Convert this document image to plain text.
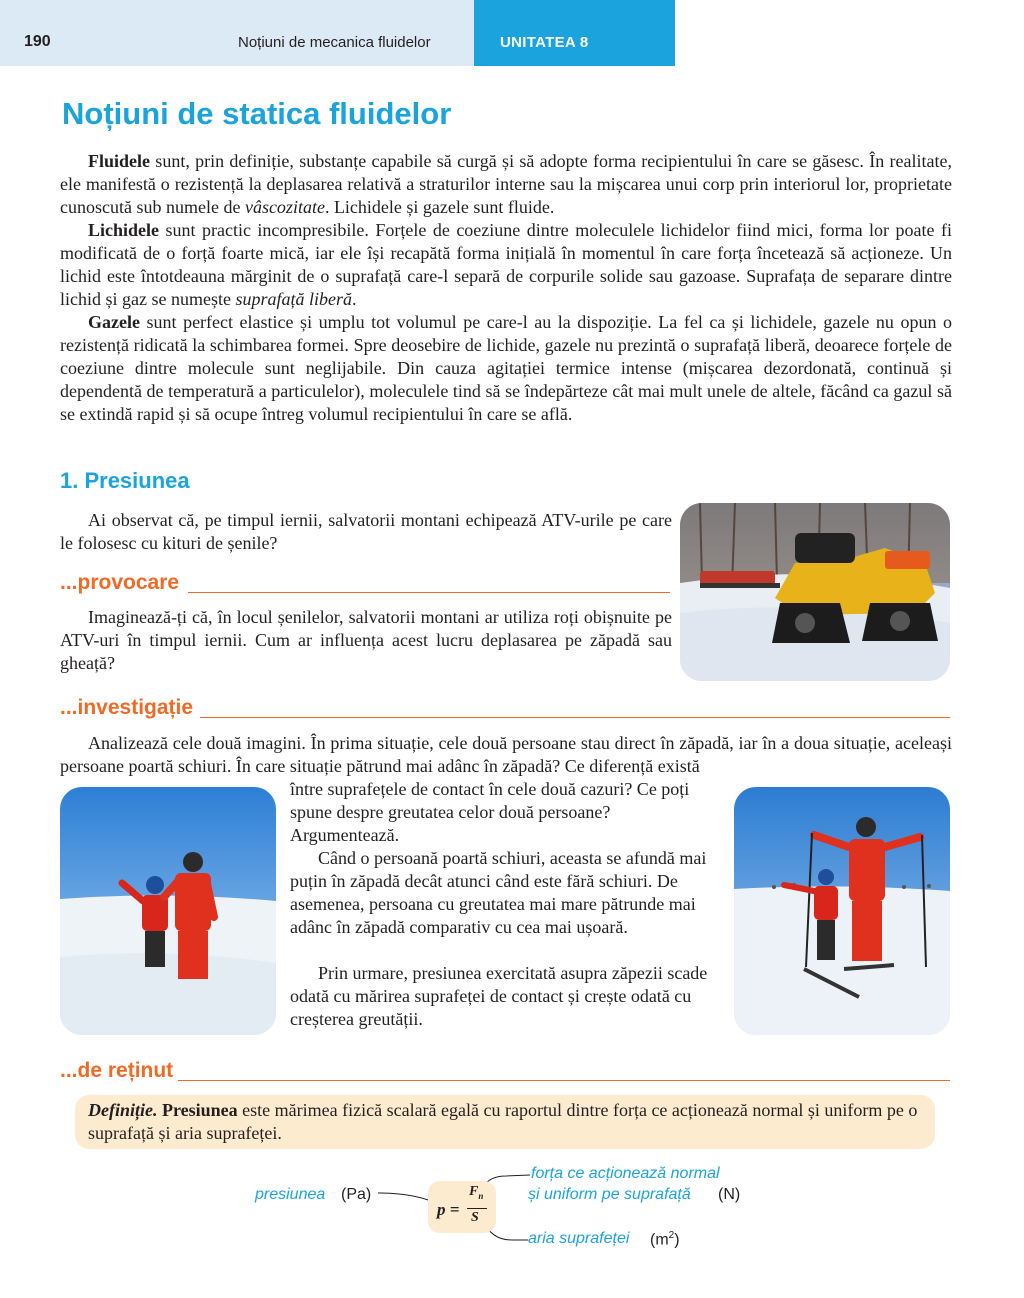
190	Noțiuni de mecanica fluidelor	UNITATEA 8
Noțiuni de statica fluidelor

Fluidele sunt, prin definiție, substanțe capabile să curgă și să adopte forma recipientului în care se găsesc. În realitate, ele manifestă o rezistență la deplasarea relativă a straturilor interne sau la mișcarea unui corp prin interiorul lor, proprietate cunoscută sub numele de vâscozitate. Lichidele și gazele sunt fluide.

Lichidele sunt practic incompresibile. Forțele de coeziune dintre moleculele lichidelor fiind mici, forma lor poate fi modificată de o forță foarte mică, iar ele își recapătă forma inițială în momentul în care forța încetează să acționeze. Un lichid este întotdeauna mărginit de o suprafață care-l separă de corpurile solide sau gazoase. Suprafața de separare dintre lichid și gaz se numește suprafață liberă.

Gazele sunt perfect elastice și umplu tot volumul pe care-l au la dispoziție. La fel ca și lichidele, gazele nu opun o rezistență ridicată la schimbarea formei. Spre deosebire de lichide, gazele nu prezintă o suprafață liberă, deoarece forțele de coeziune dintre molecule sunt neglijabile. Din cauza agitației termice intense (mișcarea dezordonată, continuă și dependentă de temperatură a particulelor), moleculele tind să se îndepărteze cât mai mult unele de altele, făcând ca gazul să se extindă rapid și să ocupe întreg volumul recipientului în care se află.

1. Presiunea

Ai observat că, pe timpul iernii, salvatorii montani echipează ATV-urile pe care le folosesc cu kituri de șenile?

...provocare

Imaginează-ți că, în locul șenilelor, salvatorii montani ar utiliza roți obișnuite pe ATV-uri în timpul iernii. Cum ar influența acest lucru deplasarea pe zăpadă sau gheață?

...investigație

Analizează cele două imagini. În prima situație, cele două persoane stau direct în zăpadă, iar în a doua situație, aceleași persoane poartă schiuri. În care situație pătrund mai adânc în zăpadă? Ce diferență există

între suprafețele de contact în cele două cazuri? Ce poți spune despre greutatea celor două persoane? Argumentează.

Când o persoană poartă schiuri, aceasta se afundă mai puțin în zăpadă decât atunci când este fără schiuri. De asemenea, persoana cu greutatea mai mare pătrunde mai adânc în zăpadă comparativ cu cea mai ușoară.

Prin urmare, presiunea exercitată asupra zăpezii scade odată cu mărirea suprafeței de contact și crește odată cu creșterea greutății.

...de reținut

Definiție. Presiunea este mărimea fizică scalară egală cu raportul dintre forța ce acționează normal și uniform pe o suprafață și aria suprafeței.

presiunea (Pa)
p =
$F_n$
S
forța ce acționează normal
și uniform pe suprafață (N)
aria suprafeței $(m^2)$
